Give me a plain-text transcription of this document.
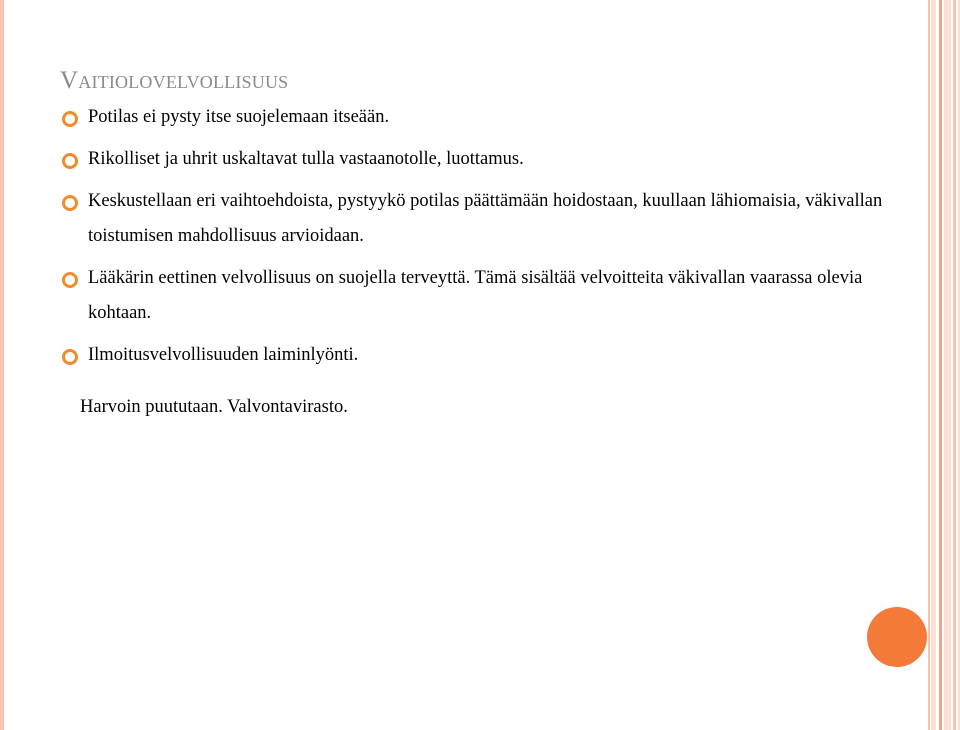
Vaitiolovelvollisuus
Potilas ei pysty itse suojelemaan itseään.
Rikolliset ja uhrit uskaltavat tulla vastaanotolle, luottamus.
Keskustellaan eri vaihtoehdoista, pystyykö potilas päättämään hoidostaan, kuullaan lähiomaisia, väkivallan toistumisen mahdollisuus arvioidaan.
Lääkärin eettinen velvollisuus on suojella terveyttä. Tämä sisältää velvoitteita väkivallan vaarassa olevia kohtaan.
Ilmoitusvelvollisuuden laiminlyönti.
Harvoin puututaan. Valvontavirasto.
